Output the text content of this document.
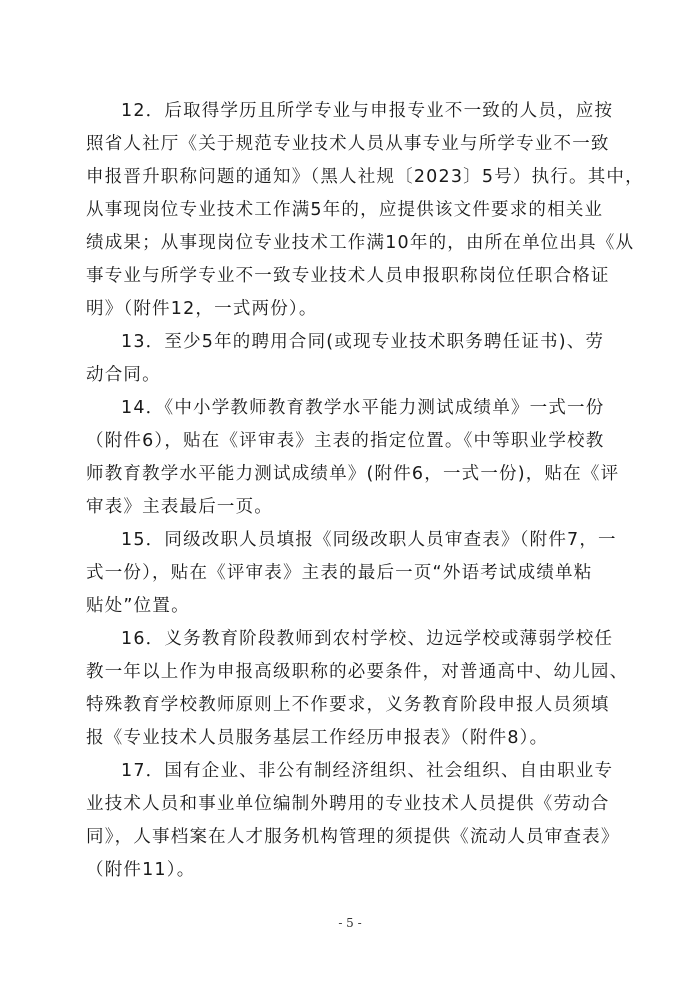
12．后取得学历且所学专业与申报专业不一致的人员，应按
照省人社厅《关于规范专业技术人员从事专业与所学专业不一致
申报晋升职称问题的通知》（黑人社规〔2023〕5号）执行。其中，
从事现岗位专业技术工作满5年的，应提供该文件要求的相关业
绩成果；从事现岗位专业技术工作满10年的，由所在单位出具《从
事专业与所学专业不一致专业技术人员申报职称岗位任职合格证
明》（附件12，一式两份）。
13．至少5年的聘用合同(或现专业技术职务聘任证书)、劳
动合同。
14．《中小学教师教育教学水平能力测试成绩单》一式一份
（附件6），贴在《评审表》主表的指定位置。《中等职业学校教
师教育教学水平能力测试成绩单》(附件6，一式一份)，贴在《评
审表》主表最后一页。
15．同级改职人员填报《同级改职人员审查表》（附件7，一
式一份），贴在《评审表》主表的最后一页“外语考试成绩单粘
贴处”位置。
16．义务教育阶段教师到农村学校、边远学校或薄弱学校任
教一年以上作为申报高级职称的必要条件，对普通高中、幼儿园、
特殊教育学校教师原则上不作要求，义务教育阶段申报人员须填
报《专业技术人员服务基层工作经历申报表》（附件8）。
17．国有企业、非公有制经济组织、社会组织、自由职业专
业技术人员和事业单位编制外聘用的专业技术人员提供《劳动合
同》，人事档案在人才服务机构管理的须提供《流动人员审查表》
（附件11）。
- 5 -
